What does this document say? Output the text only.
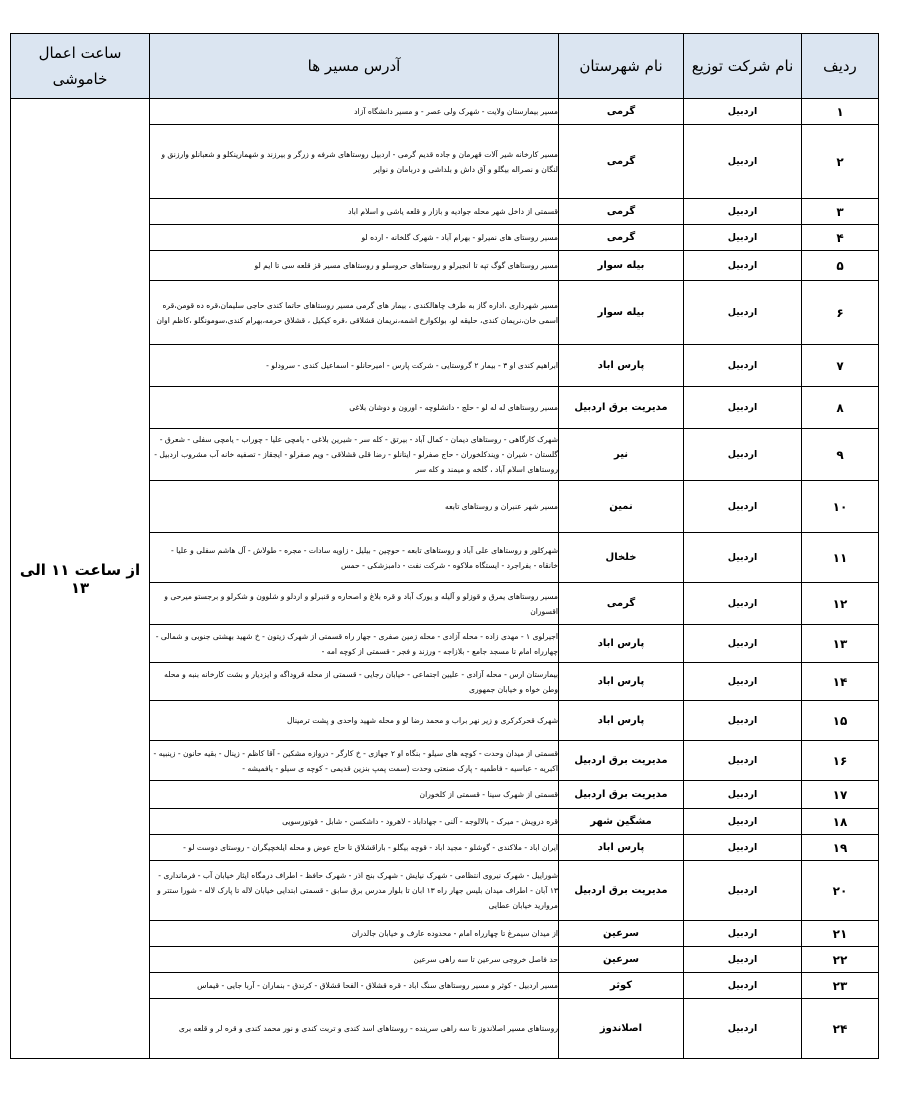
ردیف	نام شرکت توزیع	نام شهرستان	آدرس مسیر ها	ساعت اعمال
خاموشی

۱	اردبیل	گرمی	مسیر بیمارستان ولایت - شهرک ولی عصر - و مسیر دانشگاه آزاد	از ساعت ۱۱ الی ۱۳
۲	اردبیل	گرمی	مسیر کارخانه شیر آلات قهرمان و جاده قدیم گرمی - اردبیل روستاهای شرفه و زرگر و بیرزند و شهمارینکلو و شعبانلو وارزنق و لنگان و نصراله بیگلو و آق داش و بلداشی و دربامان و نوایر	
۳	اردبیل	گرمی	قسمتی از داخل شهر محله جوادیه و بازار و قلعه یاشی و اسلام اباد	
۴	اردبیل	گرمی	مسیر روستای های نمیرلو - بهرام آباد - شهرک گلخانه - ارده لو	
۵	اردبیل	بیله سوار	مسیر روستاهای گوگ تپه تا انجیرلو و روستاهای حروسلو و روستاهای مسیر قز قلعه سی تا ایم لو	
۶	اردبیل	بیله سوار	مسیر شهرداری ،اداره گاز به طرف چاهالکندی ، بیمار های گرمی مسیر روستاهای حاتما کندی حاجی سلیمان،قره ده قومن،قره اسمی خان،نریمان کندی، حلیقه لو، بولکوارخ اشمه،نریمان قشلاقی ،قره کیکیل ، قشلاق حرمه،بهرام کندی،سومونگلو ،کاظم اوان	
۷	اردبیل	پارس اباد	ابراهیم کندی او ۳ - بیمار ۲ گروستایی - شرکت پارس - امیرحانلو - اسماعیل کندی - سرودلو -	
۸	اردبیل	مدیریت برق اردبیل	مسیر روستاهای له له لو - حلج - دانشلوچه - اورون و دوشان بلاغی	
۹	اردبیل	نیر	شهرک کارگاهی - روستاهای دیمان - کمال آباد - بیرتق - کله سر - شیرین بلاغی - یامچی علیا - چوراب - یامچی سفلی - شعرق - گلستان - شیران - ویندکلخوران - حاج صفرلو - ایتانلو - رضا قلی قشلاقی - ویم صفرلو - ایجقاز - تصفیه خانه آب مشروب اردبیل - روستاهای اسلام آباد ، گلخه و میمند و کله سر	
۱۰	اردبیل	نمین	مسیر شهر عنبران و روستاهای تابعه	
۱۱	اردبیل	خلخال	شهرکلور و روستاهای علی آباد و روستاهای تابعه - حوچین - بیلیل - زاویه سادات - مجره - طولاش - آل هاشم سفلی و علیا - خانقاه - بفراجرد - ایستگاه ملاکوه - شرکت نفت - دامبزشکی - حمس	
۱۲	اردبیل	گرمی	مسیر روستاهای یمرق و قوزلو و آلیله و یورک آباد و قره بلاغ و اصحاره و قنبرلو و اردلو و شلوون و شکرلو و برجستو میرحی و اقسوران	
۱۳	اردبیل	پارس اباد	اجیرلوی ۱ - مهدی زاده - محله آزادی - محله زمین صفری - جهار راه قسمتی از شهرک زیتون - خ شهید بهشتی جنوبی و شمالی - چهارراه امام تا مسجد جامع - بلازاجه - ورزند و فجر - قسمتی از کوچه امه -	
۱۴	اردبیل	پارس اباد	بیمارستان ارس - محله آزادی - علیین اجتماعی - خیابان رجایی - قسمتی از محله قروداگه و ایزدیار و بشت کارخانه بنبه و محله وطن خواه و خیابان جمهوری	
۱۵	اردبیل	پارس اباد	شهرک قحرکرکری و زیر نهر براب و محمد رضا لو و محله شهید واحدی و پشت ترمینال	
۱۶	اردبیل	مدیریت برق اردبیل	قسمتی از میدان وحدت - کوچه های سیلو - بنگاه او ۲ جهازی - خ کارگر - دروازه مشکین - آقا کاظم - زینال - بقیه حانون - زینبیه - اکبریه - عباسیه - فاطمیه - پارک صنعتی وحدت (سمت پمپ بنزین قدیمی - کوچه ی سیلو - یافمیشه -	
۱۷	اردبیل	مدیریت برق اردبیل	قسمتی از شهرک سینا - قسمتی از کلخوران	
۱۸	اردبیل	مشگین شهر	قره درویش - میرک - بالالوجه - آلنی - جهاداباد - لاهرود - داشکسن - شابل - قوتورسویی	
۱۹	اردبیل	پارس اباد	ایران اباد - ملاکندی - گوشلو - مجید اباد - قوچه بیگلو - باراقشلاق تا حاج عوض و محله ایلخچیگران - روستای دوست لو -	
۲۰	اردبیل	مدیریت برق اردبیل	شوراییل - شهرک نیروی انتظامی - شهرک نیایش - شهرک بنج اذر - شهرک حافظ - اطراف درمگاه ایثار خیابان آب - فرمانداری - ۱۳ آبان - اطراف میدان بلیس جهار راه ۱۳ ابان تا بلوار مدرس برق سابق - قسمتی ابتدایی خیابان لاله تا پارک لاله - شورا ستتر و مروارید خیابان عطایی	
۲۱	اردبیل	سرعین	از میدان سیمرغ تا چهارراه امام - محدوده عارف و خیابان جالدران	
۲۲	اردبیل	سرعین	حد فاصل خروجی سرعین تا سه راهی سرعین	
۲۳	اردبیل	کوثر	مسیر اردبیل - کوثر و مسیر روستاهای سنگ اباد - قره قشلاق - الفحا قشلاق - کرندق - بنماران - آربا جایی - قیماس	
۲۴	اردبیل	اصلاندوز	روستاهای مسیر اصلاندوز تا سه راهی سرینده - روستاهای اسد کندی و تربت کندی و نور محمد کندی و قره لر و قلعه بری	
